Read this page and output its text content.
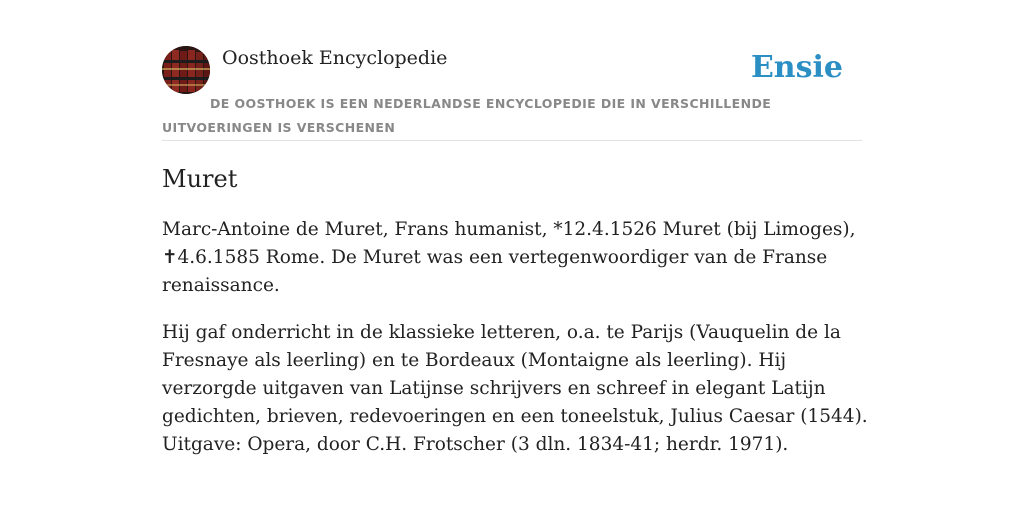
Oosthoek Encyclopedie	Ensie
DE OOSTHOEK IS EEN NEDERLANDSE ENCYCLOPEDIE DIE IN VERSCHILLENDE UITVOERINGEN IS VERSCHENEN
Muret

Marc-Antoine de Muret, Frans humanist, *12.4.1526 Muret (bij Limoges), ✝4.6.1585 Rome. De Muret was een vertegenwoordiger van de Franse renaissance.

Hij gaf onderricht in de klassieke letteren, o.a. te Parijs (Vauquelin de la Fresnaye als leerling) en te Bordeaux (Montaigne als leerling). Hij verzorgde uitgaven van Latijnse schrijvers en schreef in elegant Latijn gedichten, brieven, redevoeringen en een toneelstuk, Julius Caesar (1544). Uitgave: Opera, door C.H. Frotscher (3 dln. 1834-41; herdr. 1971).
